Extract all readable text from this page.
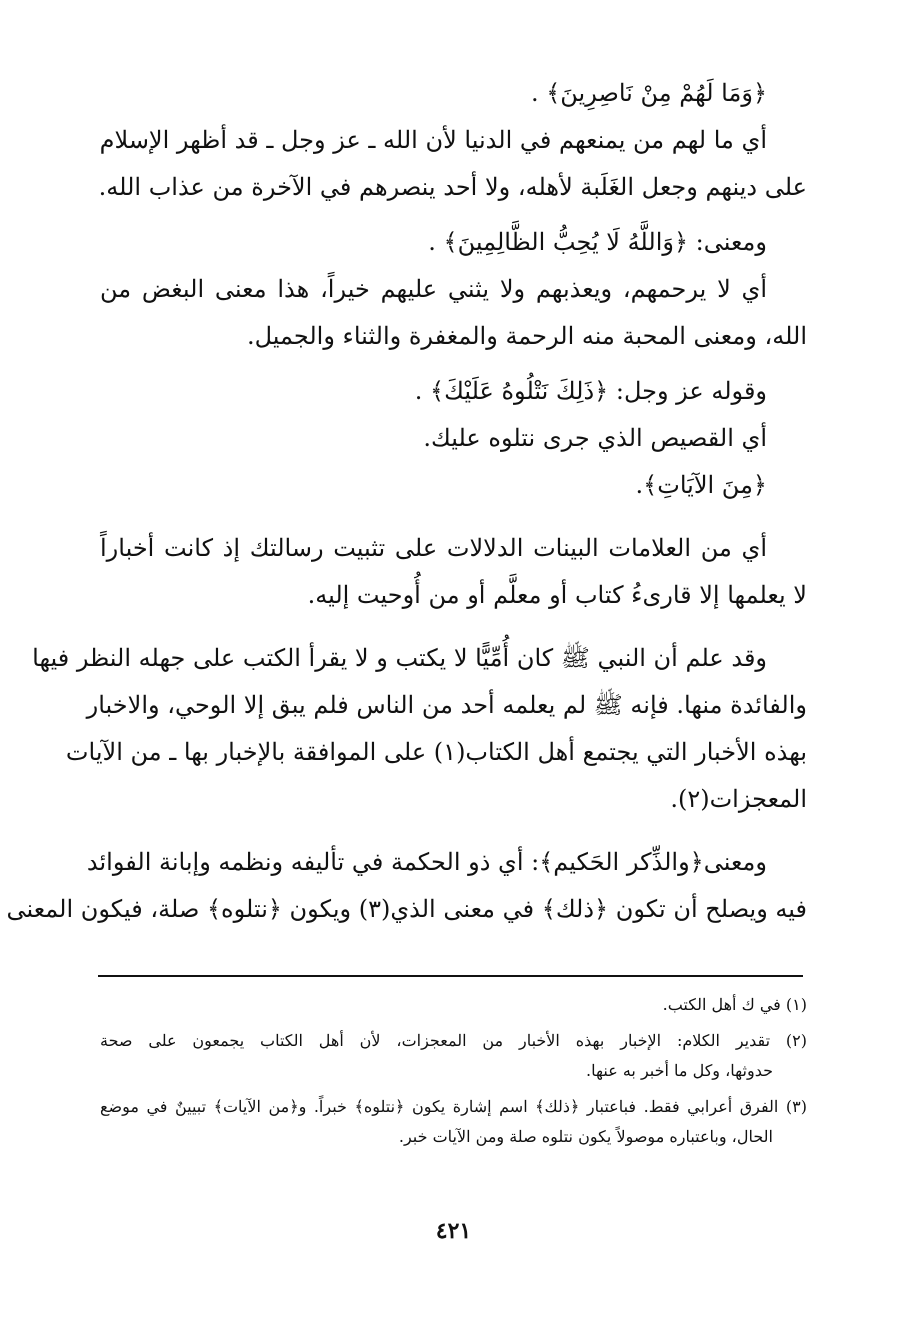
﴿وَمَا لَهُمْ مِنْ نَاصِرِينَ﴾ .
أي ما لهم من يمنعهم في الدنيا لأن الله ـ عز وجل ـ قد أظهر الإسلام
على دينهم وجعل الغَلَبة لأهله، ولا أحد ينصرهم في الآخرة من عذاب الله.
ومعنى: ﴿وَاللَّهُ لَا يُحِبُّ الظَّالِمِينَ﴾ .
أي لا يرحمهم، ويعذبهم ولا يثني عليهم خيراً، هذا معنى البغض من
الله، ومعنى المحبة منه الرحمة والمغفرة والثناء والجميل.
وقوله عز وجل: ﴿ذَلِكَ نَتْلُوهُ عَلَيْكَ﴾ .
أي القصيص الذي جرى نتلوه عليك.
﴿مِنَ الآيَاتِ﴾.
أي من العلامات البينات الدلالات على تثبيت رسالتك إذ كانت أخباراً
لا يعلمها إلا قارىءُ كتاب أو معلَّم أو من أُوحيت إليه.
وقد علم أن النبي ﷺ كان أُمِّيًّا لا يكتب و لا يقرأ الكتب على جهله النظر فيها
والفائدة منها. فإنه ﷺ لم يعلمه أحد من الناس فلم يبق إلا الوحي، والاخبار
بهذه الأخبار التي يجتمع أهل الكتاب(١) على الموافقة بالإخبار بها ـ من الآيات
المعجزات(٢).
ومعنى﴿والذِّكر الحَكيم﴾: أي ذو الحكمة في تأليفه ونظمه وإبانة الفوائد
فيه ويصلح أن تكون ﴿ذلك﴾ في معنى الذي(٣) ويكون ﴿نتلوه﴾ صلة، فيكون المعنى
(١) في ك أهل الكتب.
(٢) تقدير الكلام: الإخبار بهذه الأخبار من المعجزات، لأن أهل الكتاب يجمعون على صحة
حدوثها، وكل ما أخبر به عنها.
(٣) الفرق أعرابي فقط. فباعتبار ﴿ذلك﴾ اسم إشارة يكون ﴿نتلوه﴾ خبراً. و﴿من الآيات﴾ تبيينٌ في موضع
الحال، وباعتباره موصولاً يكون نتلوه صلة ومن الآيات خبر.
٤٢١
